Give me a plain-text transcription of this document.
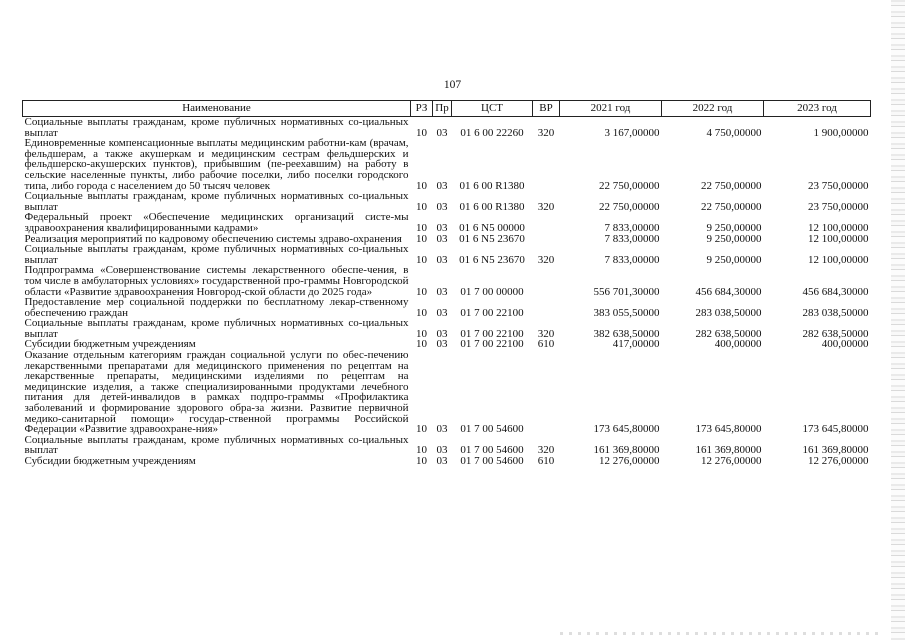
107
Наименование	РЗ	Пр	ЦСТ	ВР	2021 год	2022 год	2023 год
Социальные выплаты гражданам, кроме публичных нормативных со-циальных выплат	10	03	01 6 00 22260	320	3 167,00000	4 750,00000	1 900,00000
Единовременные компенсационные выплаты медицинским работни-кам (врачам, фельдшерам, а также акушеркам и медицинским сестрам фельдшерских и фельдшерско-акушерских пунктов), прибывшим (пе-реехавшим) на работу в сельские населенные пункты, либо рабочие поселки, либо поселки городского типа, либо города с населением до 50 тысяч человек	10	03	01 6 00 R1380		22 750,00000	22 750,00000	23 750,00000
Социальные выплаты гражданам, кроме публичных нормативных со-циальных выплат	10	03	01 6 00 R1380	320	22 750,00000	22 750,00000	23 750,00000
Федеральный проект «Обеспечение медицинских организаций систе-мы здравоохранения квалифицированными кадрами»	10	03	01 6 N5 00000		7 833,00000	9 250,00000	12 100,00000
Реализация мероприятий по кадровому обеспечению системы здраво-охранения	10	03	01 6 N5 23670		7 833,00000	9 250,00000	12 100,00000
Социальные выплаты гражданам, кроме публичных нормативных со-циальных выплат	10	03	01 6 N5 23670	320	7 833,00000	9 250,00000	12 100,00000
Подпрограмма «Совершенствование системы лекарственного обеспе-чения, в том числе в амбулаторных условиях» государственной про-граммы Новгородской области «Развитие здравоохранения Новгород-ской области до 2025 года»	10	03	01 7 00 00000		556 701,30000	456 684,30000	456 684,30000
Предоставление мер социальной поддержки по бесплатному лекар-ственному обеспечению граждан	10	03	01 7 00 22100		383 055,50000	283 038,50000	283 038,50000
Социальные выплаты гражданам, кроме публичных нормативных со-циальных выплат	10	03	01 7 00 22100	320	382 638,50000	282 638,50000	282 638,50000
Субсидии бюджетным учреждениям	10	03	01 7 00 22100	610	417,00000	400,00000	400,00000
Оказание отдельным категориям граждан социальной услуги по обес-печению лекарственными препаратами для медицинского применения по рецептам на лекарственные препараты, медицинскими изделиями по рецептам на медицинские изделия, а также специализированными продуктами лечебного питания для детей-инвалидов в рамках подпро-граммы «Профилактика заболеваний и формирование здорового обра-за жизни. Развитие первичной медико-санитарной помощи» государ-ственной программы Российской Федерации «Развитие здравоохране-ния»	10	03	01 7 00 54600		173 645,80000	173 645,80000	173 645,80000
Социальные выплаты гражданам, кроме публичных нормативных со-циальных выплат	10	03	01 7 00 54600	320	161 369,80000	161 369,80000	161 369,80000
Субсидии бюджетным учреждениям	10	03	01 7 00 54600	610	12 276,00000	12 276,00000	12 276,00000
